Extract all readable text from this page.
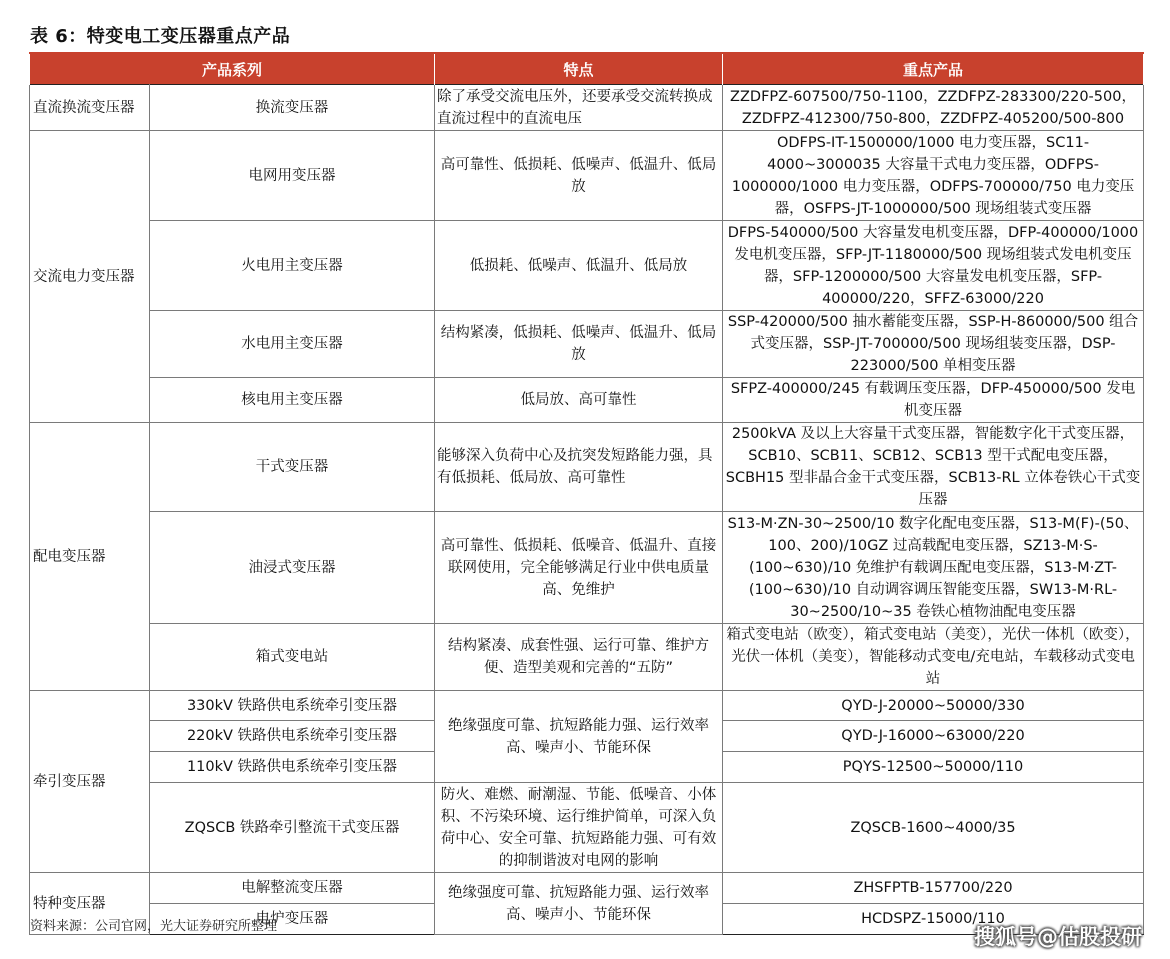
表 6：特变电工变压器重点产品
产品系列		特点	重点产品
直流换流变压器	换流变压器	除了承受交流电压外，还要承受交流转换成直流过程中的直流电压	ZZDFPZ-607500/750-1100，ZZDFPZ-283300/220-500，ZZDFPZ-412300/750-800，ZZDFPZ-405200/500-800
交流电力变压器	电网用变压器	高可靠性、低损耗、低噪声、低温升、低局放	ODFPS-IT-1500000/1000 电力变压器，SC11-4000~3000035 大容量干式电力变压器，ODFPS-1000000/1000 电力变压器，ODFPS-700000/750 电力变压器，OSFPS-JT-1000000/500 现场组装式变压器
	火电用主变压器	低损耗、低噪声、低温升、低局放	DFPS-540000/500 大容量发电机变压器，DFP-400000/1000 发电机变压器，SFP-JT-1180000/500 现场组装式发电机变压器，SFP-1200000/500 大容量发电机变压器，SFP-400000/220，SFFZ-63000/220
	水电用主变压器	结构紧凑，低损耗、低噪声、低温升、低局放	SSP-420000/500 抽水蓄能变压器，SSP-H-860000/500 组合式变压器，SSP-JT-700000/500 现场组装变压器，DSP-223000/500 单相变压器
	核电用主变压器	低局放、高可靠性	SFPZ-400000/245 有载调压变压器，DFP-450000/500 发电机变压器
配电变压器	干式变压器	能够深入负荷中心及抗突发短路能力强，具有低损耗、低局放、高可靠性	2500kVA 及以上大容量干式变压器，智能数字化干式变压器，SCB10、SCB11、SCB12、SCB13 型干式配电变压器，SCBH15 型非晶合金干式变压器，SCB13-RL 立体卷铁心干式变压器
	油浸式变压器	高可靠性、低损耗、低噪音、低温升、直接联网使用，完全能够满足行业中供电质量高、免维护	S13-M·ZN-30~2500/10 数字化配电变压器，S13-M(F)-(50、100、200)/10GZ 过高载配电变压器，SZ13-M·S-(100~630)/10 免维护有载调压配电变压器，S13-M·ZT-(100~630)/10 自动调容调压智能变压器，SW13-M·RL-30~2500/10~35 卷铁心植物油配电变压器
	箱式变电站	结构紧凑、成套性强、运行可靠、维护方便、造型美观和完善的“五防”	箱式变电站（欧变），箱式变电站（美变），光伏一体机（欧变），光伏一体机（美变），智能移动式变电/充电站，车载移动式变电站
牵引变压器	330kV 铁路供电系统牵引变压器	绝缘强度可靠、抗短路能力强、运行效率高、噪声小、节能环保	QYD-J-20000~50000/330
	220kV 铁路供电系统牵引变压器		QYD-J-16000~63000/220
	110kV 铁路供电系统牵引变压器		PQYS-12500~50000/110
	ZQSCB 铁路牵引整流干式变压器	防火、难燃、耐潮湿、节能、低噪音、小体积、不污染环境、运行维护简单，可深入负荷中心、安全可靠、抗短路能力强、可有效的抑制谐波对电网的影响	ZQSCB-1600~4000/35
特种变压器	电解整流变压器	绝缘强度可靠、抗短路能力强、运行效率高、噪声小、节能环保	ZHSFPTB-157700/220
	电炉变压器		HCDSPZ-15000/110
资料来源：公司官网，光大证券研究所整理	搜狐号@估股投研
